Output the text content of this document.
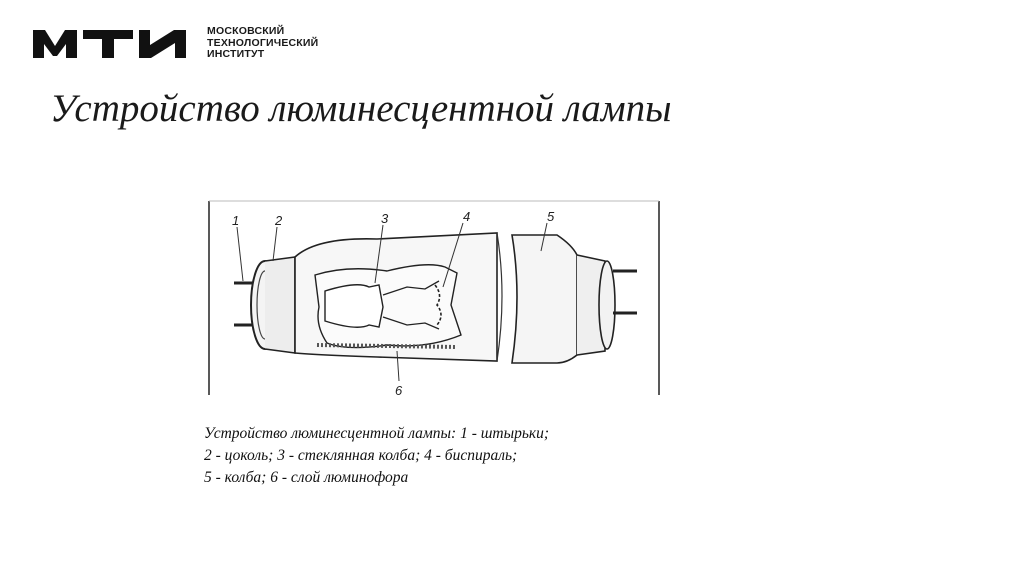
МОСКОВСКИЙ
ТЕХНОЛОГИЧЕСКИЙ
ИНСТИТУТ
Устройство люминесцентной лампы
1	2	3	4	5
6
Устройство люминесцентной лампы: 1 - штырьки;
2 - цоколь; 3 - стеклянная колба; 4 - биспираль;
5 - колба; 6 - слой люминофора
